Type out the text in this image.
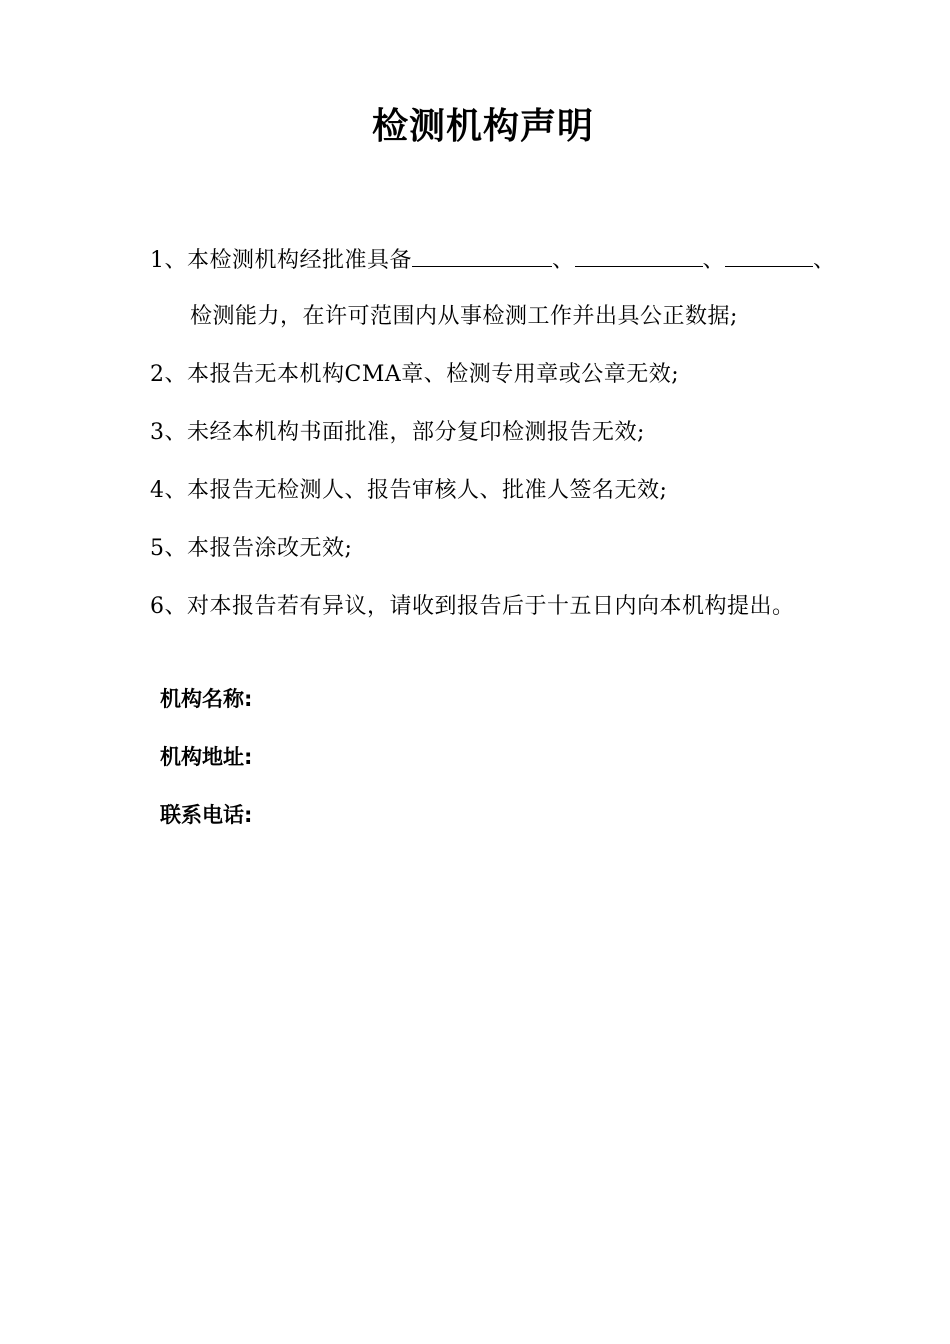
检测机构声明
1、本检测机构经批准具备	、	、	、
检测能力，在许可范围内从事检测工作并出具公正数据;
2、本报告无本机构CMA章、检测专用章或公章无效;
3、未经本机构书面批准，部分复印检测报告无效;
4、本报告无检测人、报告审核人、批准人签名无效;
5、本报告涂改无效;
6、对本报告若有异议，请收到报告后于十五日内向本机构提出。
机构名称:
机构地址:
联系电话:
